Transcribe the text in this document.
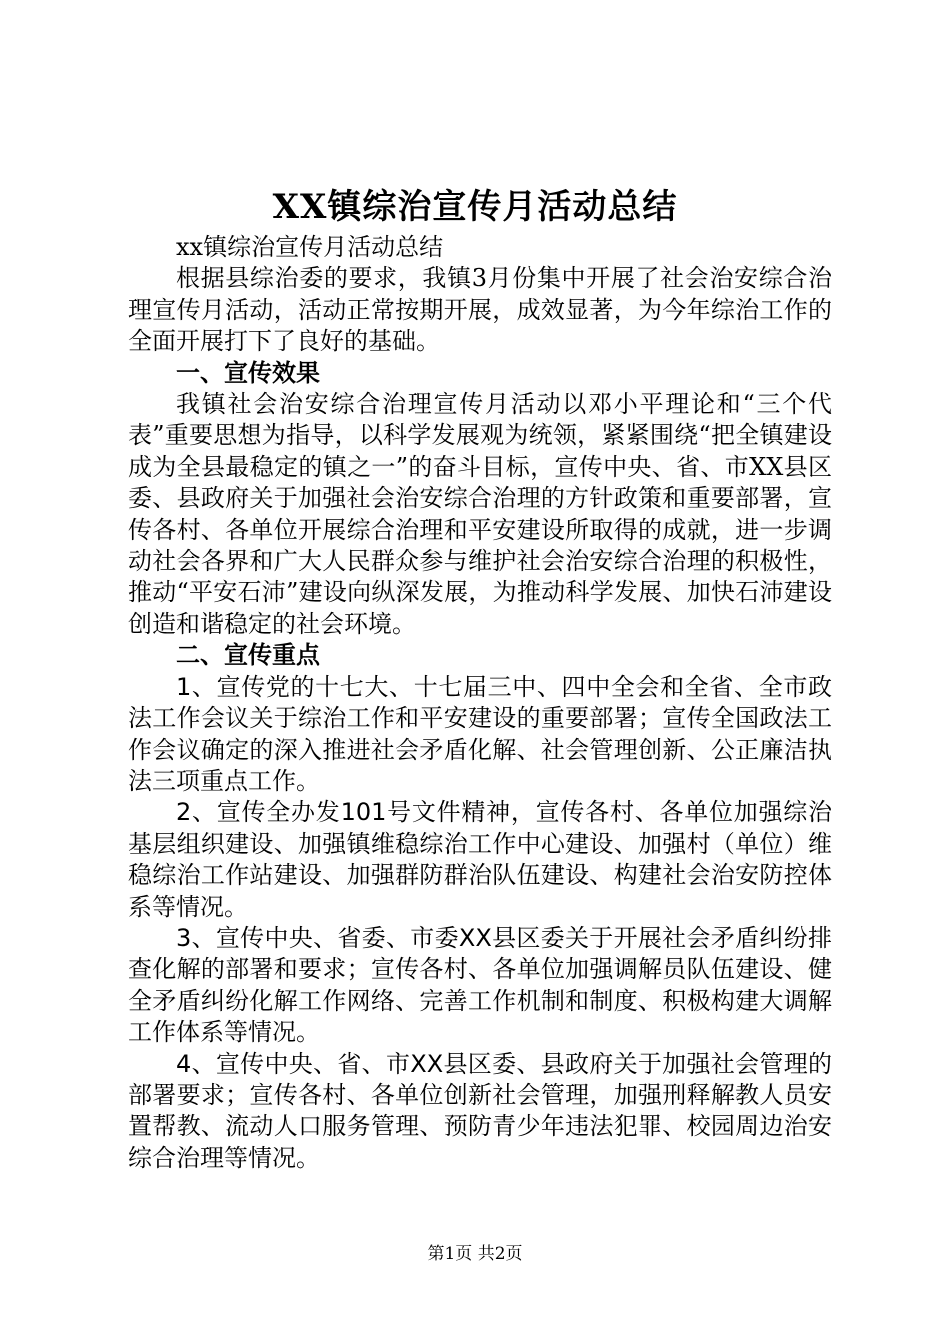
XX镇综治宣传月活动总结

xx镇综治宣传月活动总结

根据县综治委的要求，我镇3月份集中开展了社会治安综合治理宣传月活动，活动正常按期开展，成效显著，为今年综治工作的全面开展打下了良好的基础。

一、宣传效果

我镇社会治安综合治理宣传月活动以邓小平理论和“三个代表”重要思想为指导，以科学发展观为统领，紧紧围绕“把全镇建设成为全县最稳定的镇之一”的奋斗目标，宣传中央、省、市XX县区委、县政府关于加强社会治安综合治理的方针政策和重要部署，宣传各村、各单位开展综合治理和平安建设所取得的成就，进一步调动社会各界和广大人民群众参与维护社会治安综合治理的积极性，推动“平安石沛”建设向纵深发展，为推动科学发展、加快石沛建设创造和谐稳定的社会环境。

二、宣传重点

1、宣传党的十七大、十七届三中、四中全会和全省、全市政法工作会议关于综治工作和平安建设的重要部署；宣传全国政法工作会议确定的深入推进社会矛盾化解、社会管理创新、公正廉洁执法三项重点工作。

2、宣传全办发101号文件精神，宣传各村、各单位加强综治基层组织建设、加强镇维稳综治工作中心建设、加强村（单位）维稳综治工作站建设、加强群防群治队伍建设、构建社会治安防控体系等情况。

3、宣传中央、省委、市委XX县区委关于开展社会矛盾纠纷排查化解的部署和要求；宣传各村、各单位加强调解员队伍建设、健全矛盾纠纷化解工作网络、完善工作机制和制度、积极构建大调解工作体系等情况。

4、宣传中央、省、市XX县区委、县政府关于加强社会管理的部署要求；宣传各村、各单位创新社会管理，加强刑释解教人员安置帮教、流动人口服务管理、预防青少年违法犯罪、校园周边治安综合治理等情况。

第1页 共2页
